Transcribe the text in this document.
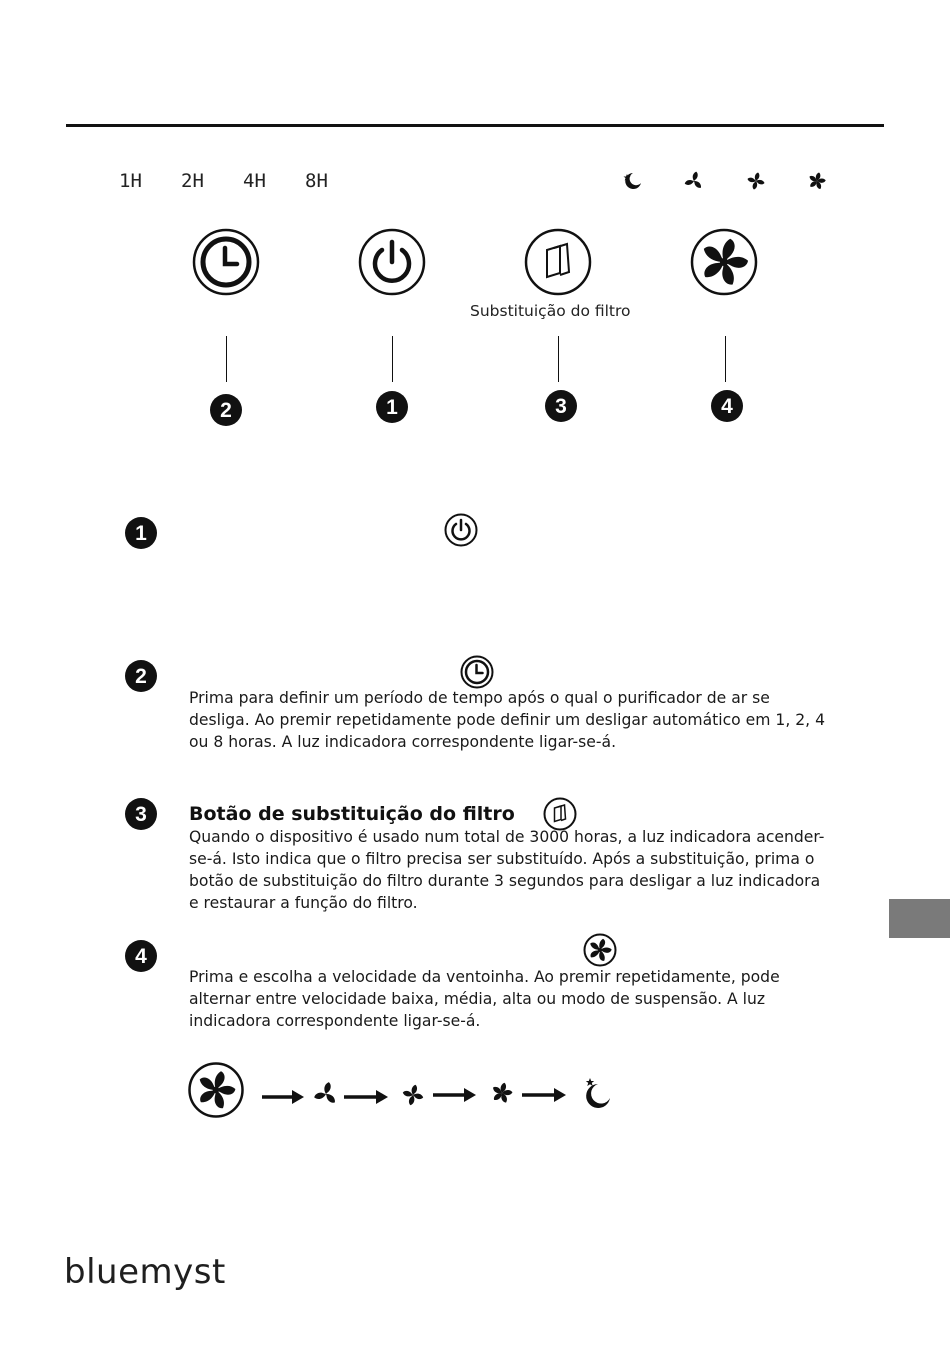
1H 2H 4H 8H
Substituição do filtro
2	1	3	4
1
2
Prima para definir um período de tempo após o qual o purificador de ar se desliga. Ao premir repetidamente pode definir um desligar automático em 1, 2, 4 ou 8 horas. A luz indicadora correspondente ligar-se-á.
3 Botão de substituição do filtro
Quando o dispositivo é usado num total de 3000 horas, a luz indicadora acender-se-á. Isto indica que o filtro precisa ser substituído. Após a substituição, prima o botão de substituição do filtro durante 3 segundos para desligar a luz indicadora e restaurar a função do filtro.
4
Prima e escolha a velocidade da ventoinha. Ao premir repetidamente, pode alternar entre velocidade baixa, média, alta ou modo de suspensão. A luz indicadora correspondente ligar-se-á.
bluemyst
